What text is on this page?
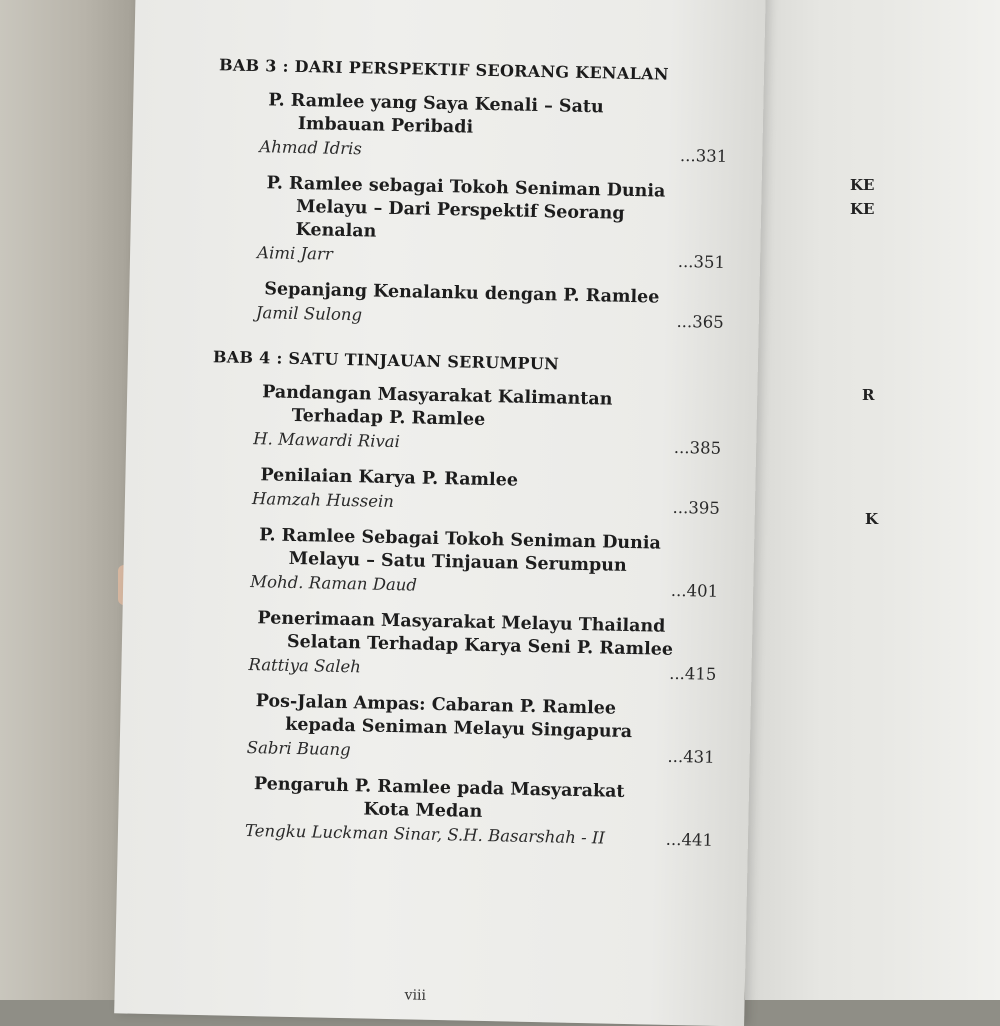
KE
KE
R
K
BAB 3 : DARI PERSPEKTIF SEORANG KENALAN
P. Ramlee yang Saya Kenali – Satu
Imbauan Peribadi
Ahmad Idris	...331
P. Ramlee sebagai Tokoh Seniman Dunia
Melayu – Dari Perspektif Seorang
Kenalan
Aimi Jarr	...351
Sepanjang Kenalanku dengan P. Ramlee
Jamil Sulong	...365
BAB 4 : SATU TINJAUAN SERUMPUN
Pandangan Masyarakat Kalimantan
Terhadap P. Ramlee
H. Mawardi Rivai	...385
Penilaian Karya P. Ramlee
Hamzah Hussein	...395
P. Ramlee Sebagai Tokoh Seniman Dunia
Melayu – Satu Tinjauan Serumpun
Mohd. Raman Daud	...401
Penerimaan Masyarakat Melayu Thailand
Selatan Terhadap Karya Seni P. Ramlee
Rattiya Saleh	...415
Pos-Jalan Ampas: Cabaran P. Ramlee
kepada Seniman Melayu Singapura
Sabri Buang	...431
Pengaruh P. Ramlee pada Masyarakat
Kota Medan
Tengku Luckman Sinar, S.H. Basarshah - II	...441
viii
